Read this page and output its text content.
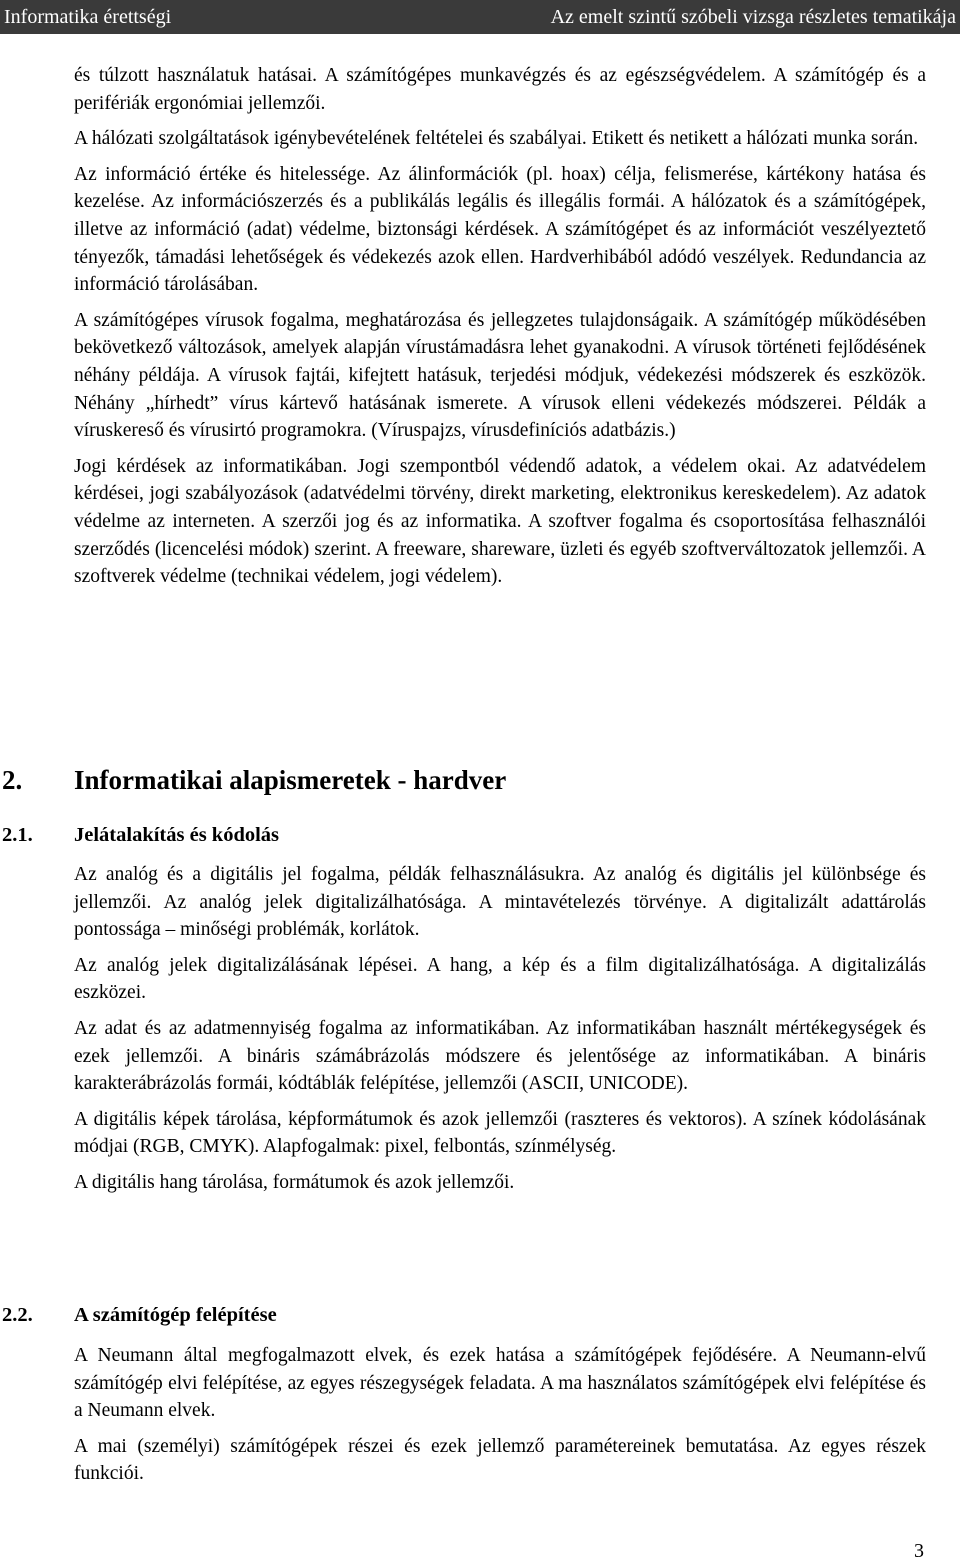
Informatika érettségi	Az emelt szintű szóbeli vizsga részletes tematikája

és túlzott használatuk hatásai. A számítógépes munkavégzés és az egészségvédelem. A számítógép és a perifériák ergonómiai jellemzői.

A hálózati szolgáltatások igénybevételének feltételei és szabályai. Etikett és netikett a hálózati munka során.

Az információ értéke és hitelessége. Az álinformációk (pl. hoax) célja, felismerése, kártékony hatása és kezelése. Az információszerzés és a publikálás legális és illegális formái. A hálózatok és a számítógépek, illetve az információ (adat) védelme, biztonsági kérdések. A számítógépet és az információt veszélyeztető tényezők, támadási lehetőségek és védekezés azok ellen. Hardverhibából adódó veszélyek. Redundancia az információ tárolásában.

A számítógépes vírusok fogalma, meghatározása és jellegzetes tulajdonságaik. A számítógép működésében bekövetkező változások, amelyek alapján vírustámadásra lehet gyanakodni. A vírusok történeti fejlődésének néhány példája. A vírusok fajtái, kifejtett hatásuk, terjedési módjuk, védekezési módszerek és eszközök. Néhány „hírhedt” vírus kártevő hatásának ismerete. A vírusok elleni védekezés módszerei. Példák a víruskereső és vírusirtó programokra. (Víruspajzs, vírusdefiníciós adatbázis.)

Jogi kérdések az informatikában. Jogi szempontból védendő adatok, a védelem okai. Az adatvédelem kérdései, jogi szabályozások (adatvédelmi törvény, direkt marketing, elektronikus kereskedelem). Az adatok védelme az interneten. A szerzői jog és az informatika. A szoftver fogalma és csoportosítása felhasználói szerződés (licencelési módok) szerint. A freeware, shareware, üzleti és egyéb szoftverváltozatok jellemzői. A szoftverek védelme (technikai védelem, jogi védelem).

2. Informatikai alapismeretek - hardver
2.1. Jelátalakítás és kódolás

Az analóg és a digitális jel fogalma, példák felhasználásukra. Az analóg és digitális jel különbsége és jellemzői. Az analóg jelek digitalizálhatósága. A mintavételezés törvénye. A digitalizált adattárolás pontossága – minőségi problémák, korlátok.

Az analóg jelek digitalizálásának lépései. A hang, a kép és a film digitalizálhatósága. A digitalizálás eszközei.

Az adat és az adatmennyiség fogalma az informatikában. Az informatikában használt mértékegységek és ezek jellemzői. A bináris számábrázolás módszere és jelentősége az informatikában. A bináris karakterábrázolás formái, kódtáblák felépítése, jellemzői (ASCII, UNICODE).

A digitális képek tárolása, képformátumok és azok jellemzői (raszteres és vektoros). A színek kódolásának módjai (RGB, CMYK). Alapfogalmak: pixel, felbontás, színmélység.

A digitális hang tárolása, formátumok és azok jellemzői.

2.2. A számítógép felépítése

A Neumann által megfogalmazott elvek, és ezek hatása a számítógépek fejődésére. A Neumann-elvű számítógép elvi felépítése, az egyes részegységek feladata. A ma használatos számítógépek elvi felépítése és a Neumann elvek.

A mai (személyi) számítógépek részei és ezek jellemző paramétereinek bemutatása. Az egyes részek funkciói.

3
